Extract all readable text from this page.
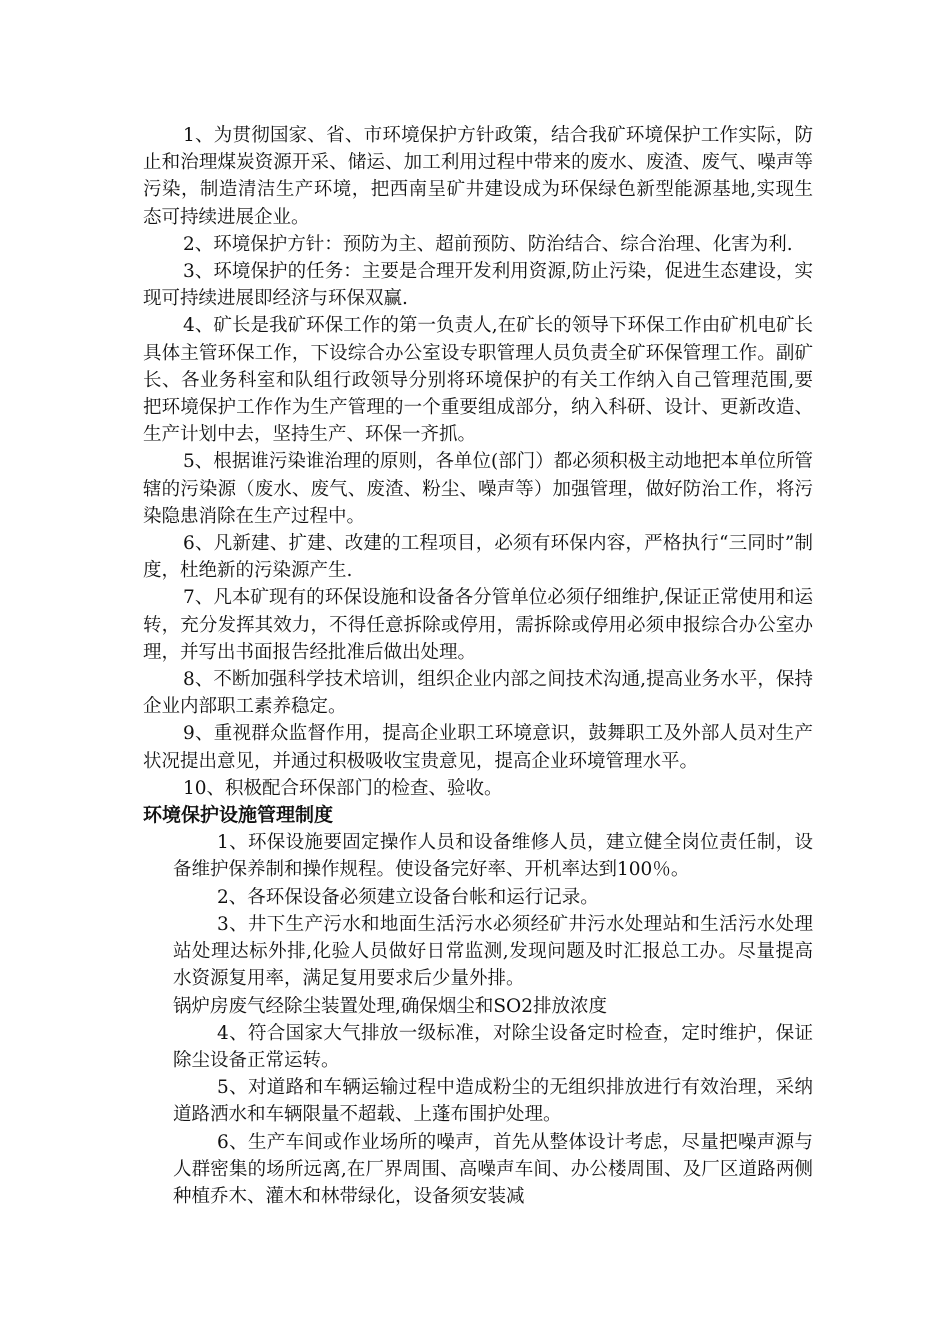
1、为贯彻国家、省、市环境保护方针政策，结合我矿环境保护工作实际，防止和治理煤炭资源开采、储运、加工利用过程中带来的废水、废渣、废气、噪声等污染，制造清洁生产环境，把西南呈矿井建设成为环保绿色新型能源基地,实现生态可持续进展企业。

2、环境保护方针：预防为主、超前预防、防治结合、综合治理、化害为利.

3、环境保护的任务：主要是合理开发利用资源,防止污染，促进生态建设，实现可持续进展即经济与环保双赢.

4、矿长是我矿环保工作的第一负责人,在矿长的领导下环保工作由矿机电矿长具体主管环保工作，下设综合办公室设专职管理人员负责全矿环保管理工作。副矿长、各业务科室和队组行政领导分别将环境保护的有关工作纳入自己管理范围,要把环境保护工作作为生产管理的一个重要组成部分，纳入科研、设计、更新改造、生产计划中去，坚持生产、环保一齐抓。

5、根据谁污染谁治理的原则，各单位(部门）都必须积极主动地把本单位所管辖的污染源（废水、废气、废渣、粉尘、噪声等）加强管理，做好防治工作，将污染隐患消除在生产过程中。

6、凡新建、扩建、改建的工程项目，必须有环保内容，严格执行“三同时”制度，杜绝新的污染源产生.

7、凡本矿现有的环保设施和设备各分管单位必须仔细维护,保证正常使用和运转，充分发挥其效力，不得任意拆除或停用，需拆除或停用必须申报综合办公室办理，并写出书面报告经批准后做出处理。

8、不断加强科学技术培训，组织企业内部之间技术沟通,提高业务水平，保持企业内部职工素养稳定。

9、重视群众监督作用，提高企业职工环境意识，鼓舞职工及外部人员对生产状况提出意见，并通过积极吸收宝贵意见，提高企业环境管理水平。

10、积极配合环保部门的检查、验收。

环境保护设施管理制度

1、环保设施要固定操作人员和设备维修人员，建立健全岗位责任制，设备维护保养制和操作规程。使设备完好率、开机率达到100％。

2、各环保设备必须建立设备台帐和运行记录。

3、井下生产污水和地面生活污水必须经矿井污水处理站和生活污水处理站处理达标外排,化验人员做好日常监测,发现问题及时汇报总工办。尽量提高水资源复用率，满足复用要求后少量外排。

锅炉房废气经除尘装置处理,确保烟尘和SO2排放浓度

4、符合国家大气排放一级标准，对除尘设备定时检查，定时维护，保证除尘设备正常运转。

5、对道路和车辆运输过程中造成粉尘的无组织排放进行有效治理，采纳道路洒水和车辆限量不超载、上蓬布围护处理。

6、生产车间或作业场所的噪声，首先从整体设计考虑，尽量把噪声源与人群密集的场所远离,在厂界周围、高噪声车间、办公楼周围、及厂区道路两侧种植乔木、灌木和林带绿化，设备须安装减
